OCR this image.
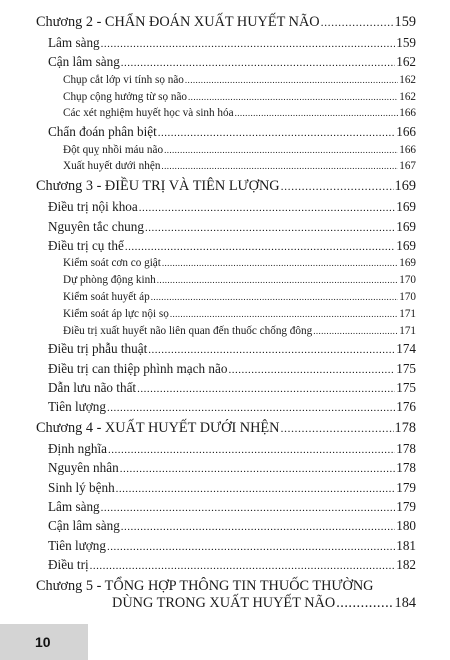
Chương 2 - CHẨN ĐOÁN XUẤT HUYẾT NÃO .....	159
Lâm sàng .....	159
Cận lâm sàng .....	162
Chụp cắt lớp vi tính sọ não .....	162
Chụp cộng hưởng từ sọ não .....	162
Các xét nghiệm huyết học và sinh hóa .....	166
Chẩn đoán phân biệt .....	166
Đột quỵ nhồi máu não .....	166
Xuất huyết dưới nhện .....	167
Chương 3 - ĐIỀU TRỊ VÀ TIÊN LƯỢNG .....	169
Điều trị nội khoa .....	169
Nguyên tắc chung .....	169
Điều trị cụ thể .....	169
Kiểm soát cơn co giật .....	169
Dự phòng động kinh .....	170
Kiểm soát huyết áp .....	170
Kiểm soát áp lực nội sọ .....	171
Điều trị xuất huyết não liên quan đến thuốc chống đông .....	171
Điều trị phẫu thuật .....	174
Điều trị can thiệp phình mạch não .....	175
Dẫn lưu não thất .....	175
Tiên lượng .....	176
Chương 4 - XUẤT HUYẾT DƯỚI NHỆN .....	178
Định nghĩa .....	178
Nguyên nhân .....	178
Sinh lý bệnh .....	179
Lâm sàng .....	179
Cận lâm sàng .....	180
Tiên lượng .....	181
Điều trị .....	182
Chương 5 - TỔNG HỢP THÔNG TIN THUỐC THƯỜNG
DÙNG TRONG XUẤT HUYẾT NÃO .....	184
10
